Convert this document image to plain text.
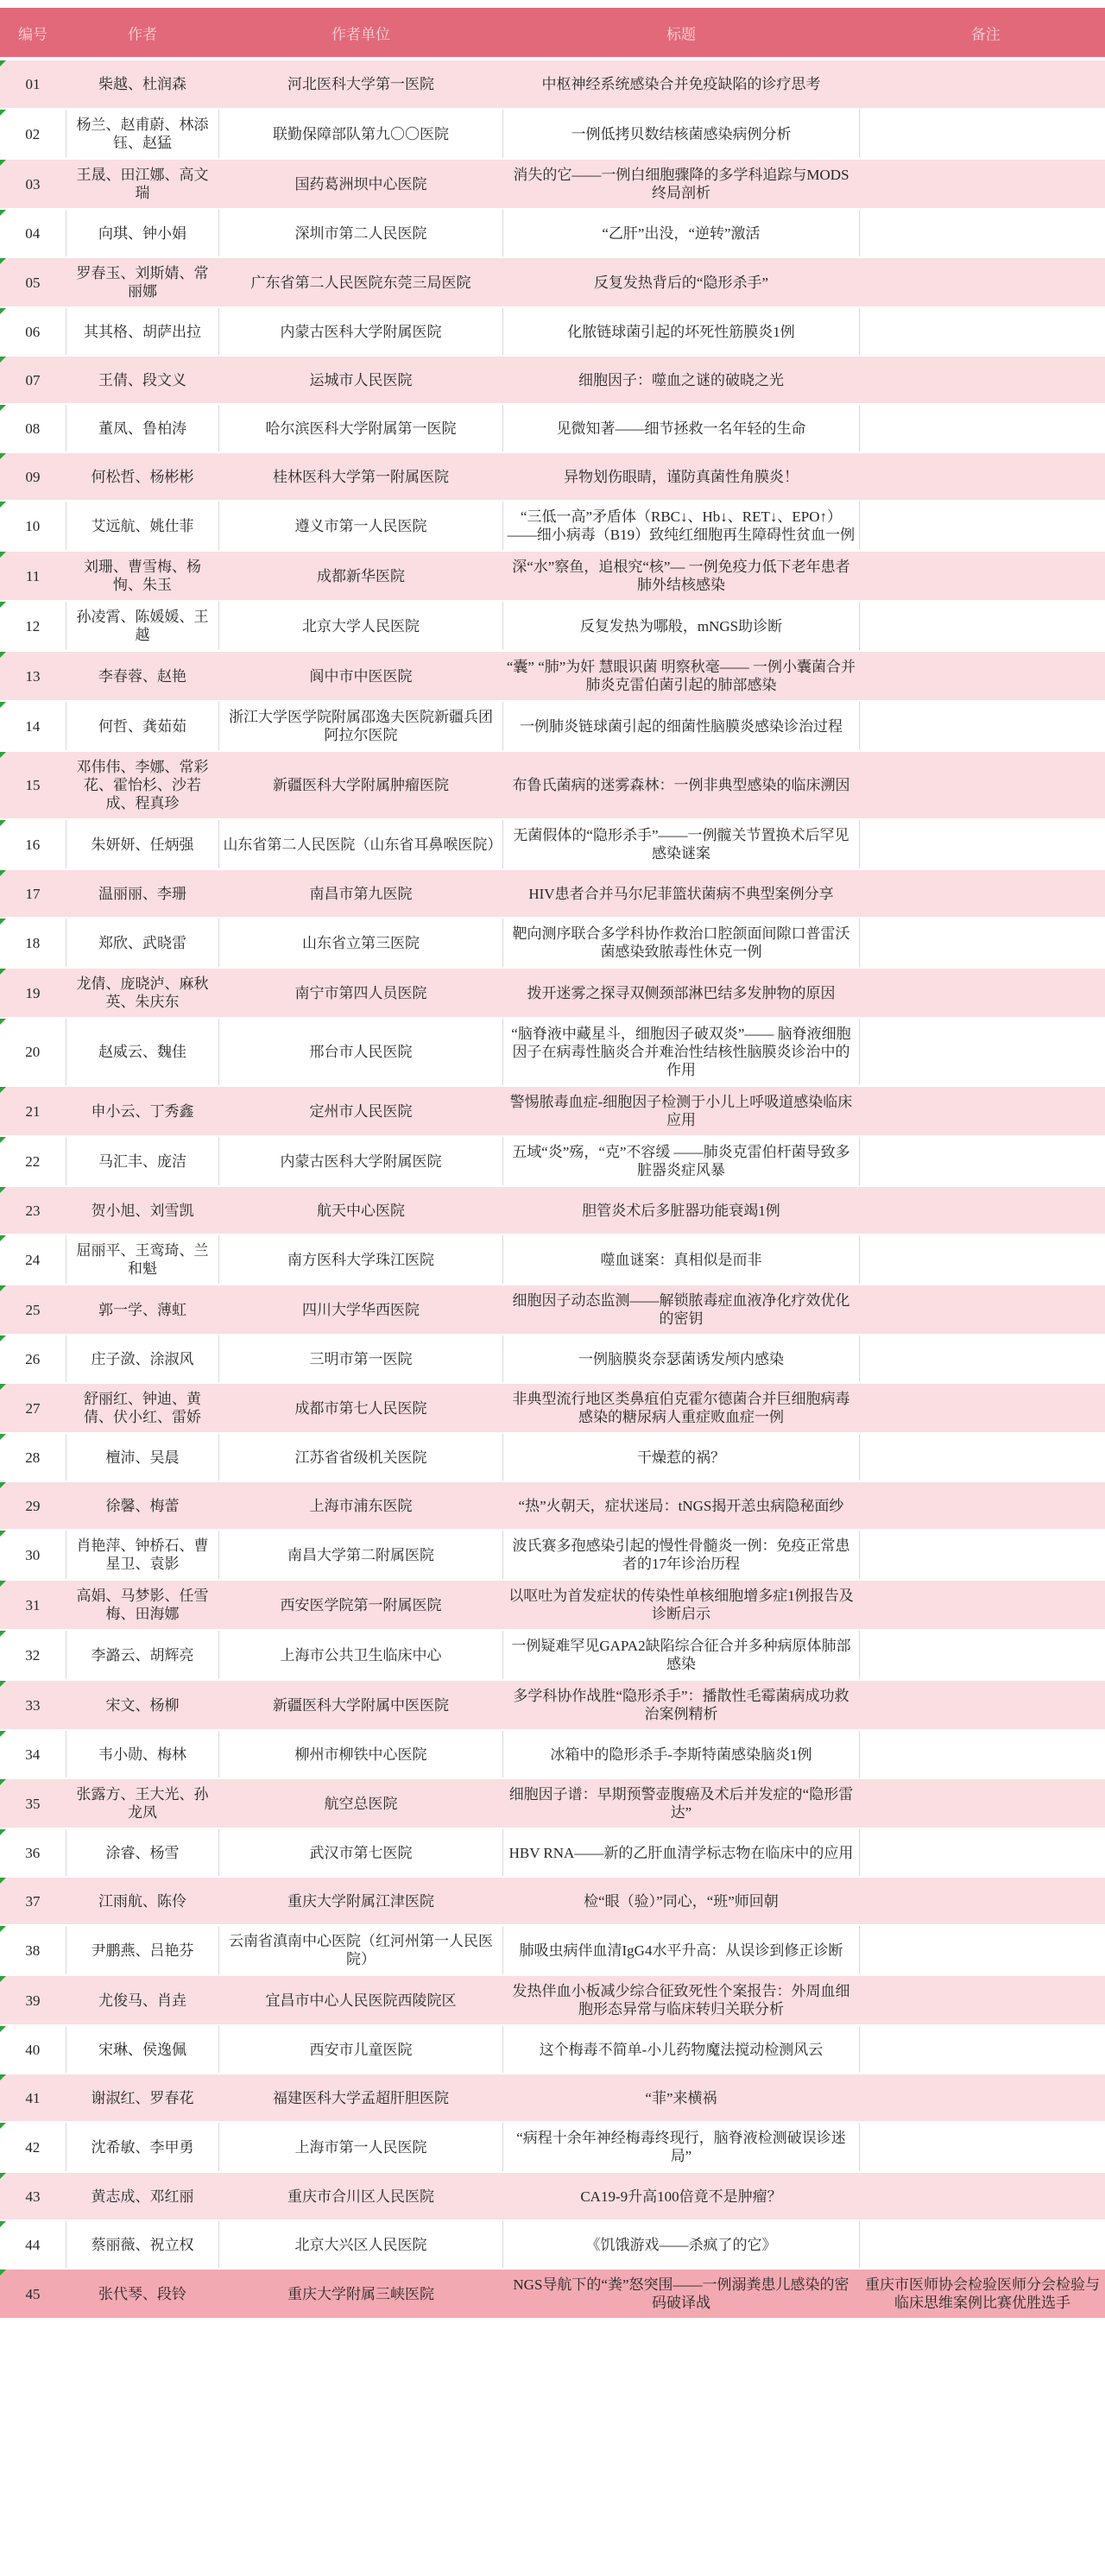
编号	作者	作者单位	标题	备注
01	柴越、杜润森	河北医科大学第一医院	中枢神经系统感染合并免疫缺陷的诊疗思考	

02	杨兰、赵甫蔚、林添钰、赵猛	联勤保障部队第九〇〇医院	一例低拷贝数结核菌感染病例分析	

03	王晟、田江娜、高文瑞	国药葛洲坝中心医院	消失的它——一例白细胞骤降的多学科追踪与MODS终局剖析	

04	向琪、钟小娟	深圳市第二人民医院	“乙肝”出没，“逆转”激活	

05	罗春玉、刘斯婧、常丽娜	广东省第二人民医院东莞三局医院	反复发热背后的“隐形杀手”	

06	其其格、胡萨出拉	内蒙古医科大学附属医院	化脓链球菌引起的坏死性筋膜炎1例	

07	王倩、段文义	运城市人民医院	细胞因子：噬血之谜的破晓之光	

08	董凤、鲁柏涛	哈尔滨医科大学附属第一医院	见微知著——细节拯救一名年轻的生命	

09	何松哲、杨彬彬	桂林医科大学第一附属医院	异物划伤眼睛，谨防真菌性角膜炎！	

10	艾远航、姚仕菲	遵义市第一人民医院	“三低一高”矛盾体（RBC↓、Hb↓、RET↓、EPO↑）——细小病毒（B19）致纯红细胞再生障碍性贫血一例	

11	刘珊、曹雪梅、杨恂、朱玉	成都新华医院	深“水”察鱼，追根究“核”— 一例免疫力低下老年患者肺外结核感染	

12	孙凌霄、陈媛媛、王越	北京大学人民医院	反复发热为哪般，mNGS助诊断	

13	李春蓉、赵艳	阆中市中医医院	“囊” “肺”为奸 慧眼识菌 明察秋毫—— 一例小囊菌合并肺炎克雷伯菌引起的肺部感染	

14	何哲、龚茹茹	浙江大学医学院附属邵逸夫医院新疆兵团阿拉尔医院	一例肺炎链球菌引起的细菌性脑膜炎感染诊治过程	

15	邓伟伟、李娜、常彩花、霍怡杉、沙若成、程真珍	新疆医科大学附属肿瘤医院	布鲁氏菌病的迷雾森林：一例非典型感染的临床溯因	

16	朱妍妍、任炳强	山东省第二人民医院（山东省耳鼻喉医院）	无菌假体的“隐形杀手”——一例髋关节置换术后罕见感染谜案	

17	温丽丽、李珊	南昌市第九医院	HIV患者合并马尔尼菲篮状菌病不典型案例分享	

18	郑欣、武晓雷	山东省立第三医院	靶向测序联合多学科协作救治口腔颌面间隙口普雷沃菌感染致脓毒性休克一例	

19	龙倩、庞晓泸、麻秋英、朱庆东	南宁市第四人员医院	拨开迷雾之探寻双侧颈部淋巴结多发肿物的原因	

20	赵威云、魏佳	邢台市人民医院	“脑脊液中藏星斗，细胞因子破双炎”—— 脑脊液细胞因子在病毒性脑炎合并难治性结核性脑膜炎诊治中的作用	

21	申小云、丁秀鑫	定州市人民医院	警惕脓毒血症-细胞因子检测于小儿上呼吸道感染临床应用	

22	马汇丰、庞洁	内蒙古医科大学附属医院	五域“炎”殇，“克”不容缓 ——肺炎克雷伯杆菌导致多脏器炎症风暴	

23	贺小旭、刘雪凯	航天中心医院	胆管炎术后多脏器功能衰竭1例	

24	屈丽平、王鸾琦、兰和魁	南方医科大学珠江医院	噬血谜案：真相似是而非	

25	郭一学、薄虹	四川大学华西医院	细胞因子动态监测——解锁脓毒症血液净化疗效优化的密钥	

26	庄子潋、涂淑风	三明市第一医院	一例脑膜炎奈瑟菌诱发颅内感染	

27	舒丽红、钟迪、黄倩、伏小红、雷娇	成都市第七人民医院	非典型流行地区类鼻疽伯克霍尔德菌合并巨细胞病毒感染的糖尿病人重症败血症一例	

28	檀沛、吴晨	江苏省省级机关医院	干燥惹的祸？	

29	徐馨、梅蕾	上海市浦东医院	“热”火朝天，症状迷局：tNGS揭开恙虫病隐秘面纱	

30	肖艳萍、钟桥石、曹星卫、袁影	南昌大学第二附属医院	波氏赛多孢感染引起的慢性骨髓炎一例：免疫正常患者的17年诊治历程	

31	高娟、马梦影、任雪梅、田海娜	西安医学院第一附属医院	以呕吐为首发症状的传染性单核细胞增多症1例报告及诊断启示	

32	李潞云、胡辉亮	上海市公共卫生临床中心	一例疑难罕见GAPA2缺陷综合征合并多种病原体肺部感染	

33	宋文、杨柳	新疆医科大学附属中医医院	多学科协作战胜“隐形杀手”：播散性毛霉菌病成功救治案例精析	

34	韦小勋、梅林	柳州市柳铁中心医院	冰箱中的隐形杀手-李斯特菌感染脑炎1例	

35	张露方、王大光、孙龙凤	航空总医院	细胞因子谱：早期预警壶腹癌及术后并发症的“隐形雷达”	

36	涂睿、杨雪	武汉市第七医院	HBV RNA——新的乙肝血清学标志物在临床中的应用	

37	江雨航、陈伶	重庆大学附属江津医院	检“眼（验）”同心，“班”师回朝	

38	尹鹏燕、吕艳芬	云南省滇南中心医院（红河州第一人民医院）	肺吸虫病伴血清IgG4水平升高：从误诊到修正诊断	

39	尤俊马、肖垚	宜昌市中心人民医院西陵院区	发热伴血小板减少综合征致死性个案报告：外周血细胞形态异常与临床转归关联分析	

40	宋琳、侯逸佩	西安市儿童医院	这个梅毒不简单-小儿药物魔法搅动检测风云	

41	谢淑红、罗春花	福建医科大学孟超肝胆医院	“菲”来横祸	

42	沈希敏、李甲勇	上海市第一人民医院	“病程十余年神经梅毒终现行，脑脊液检测破误诊迷局”	

43	黄志成、邓红丽	重庆市合川区人民医院	CA19-9升高100倍竟不是肿瘤？	

44	蔡丽薇、祝立权	北京大兴区人民医院	《饥饿游戏——杀疯了的它》	

45	张代琴、段铃	重庆大学附属三峡医院	NGS导航下的“粪”怒突围——一例溺粪患儿感染的密码破译战	重庆市医师协会检验医师分会检验与临床思维案例比赛优胜选手
